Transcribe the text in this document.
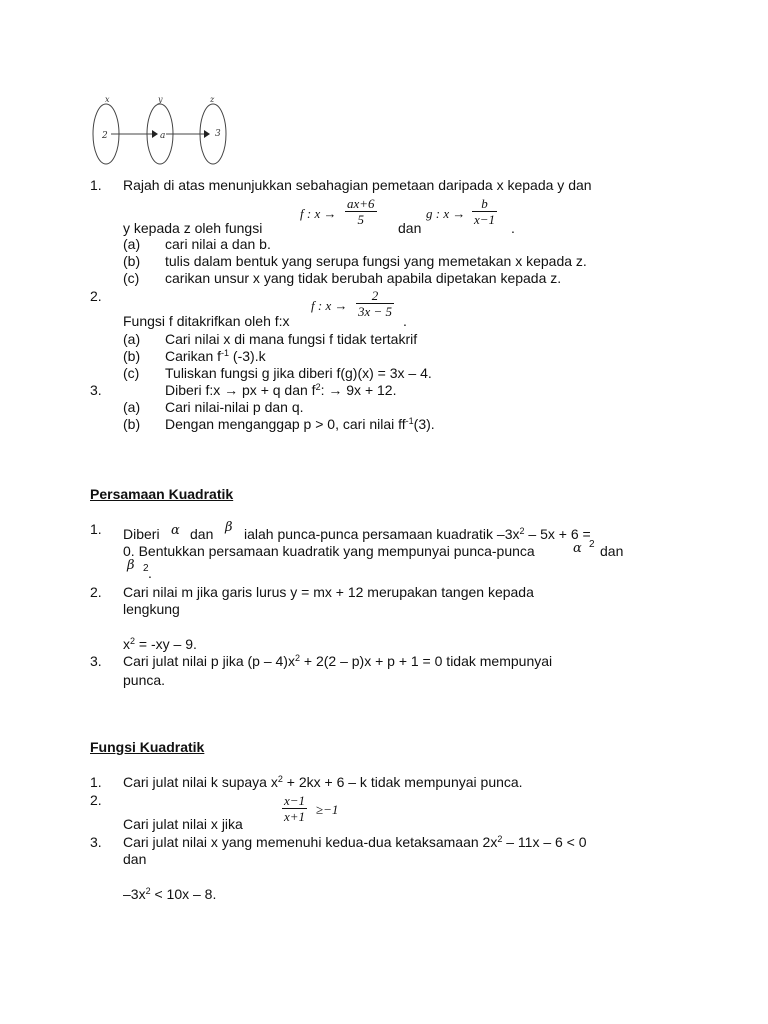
x	y	z
2	a	3
1. Rajah di atas menunjukkan sebahagian pemetaan daripada x kepada y dan
y kepada z oleh fungsi
f : $x \to \frac{ax+6}{5}$
dan
g : $x \to \frac{b}{x-1}$
.
(a) cari nilai a dan b.
(b) tulis dalam bentuk yang serupa fungsi yang memetakan x kepada z.
(c) carikan unsur x yang tidak berubah apabila dipetakan kepada z.
2.
Fungsi f ditakrifkan oleh f:x
f : $x \to \frac{2}{3x - 5}$
.
(a) Cari nilai x di mana fungsi f tidak tertakrif
(b) Carikan $f^{-1}$ (-3).k
(c) Tuliskan fungsi g jika diberi f(g)(x) = 3x – 4.
3.	Diberi f:x → px + q dan $f^2$: → 9x + 12.
(a) Cari nilai-nilai p dan q.
(b) Dengan menganggap p > 0, cari nilai $ff^{-1}(3)$.
Persamaan Kuadratik
1. Diberi α dan β ialah punca-punca persamaan kuadratik $-3x^2 - 5x + 6$ =
0. Bentukkan persamaan kuadratik yang mempunyai punca-punca	α 2 dan
β 2 .
2. Cari nilai m jika garis lurus y = mx + 12 merupakan tangen kepada
lengkung
$x^2 = -xy - 9$.
3. Cari julat nilai p jika $(p - 4)x^2 + 2(2 - p)x + p + 1 = 0$ tidak mempunyai
punca.
Fungsi Kuadratik
1. Cari julat nilai k supaya $x^2 + 2kx + 6 - k$ tidak mempunyai punca.
2.
Cari julat nilai x jika	$\frac{x-1}{x+1} \ge-1$
3. Cari julat nilai x yang memenuhi kedua-dua ketaksamaan $2x^2 - 11x - 6 < 0$
dan
$-3x^2 < 10x - 8$.
